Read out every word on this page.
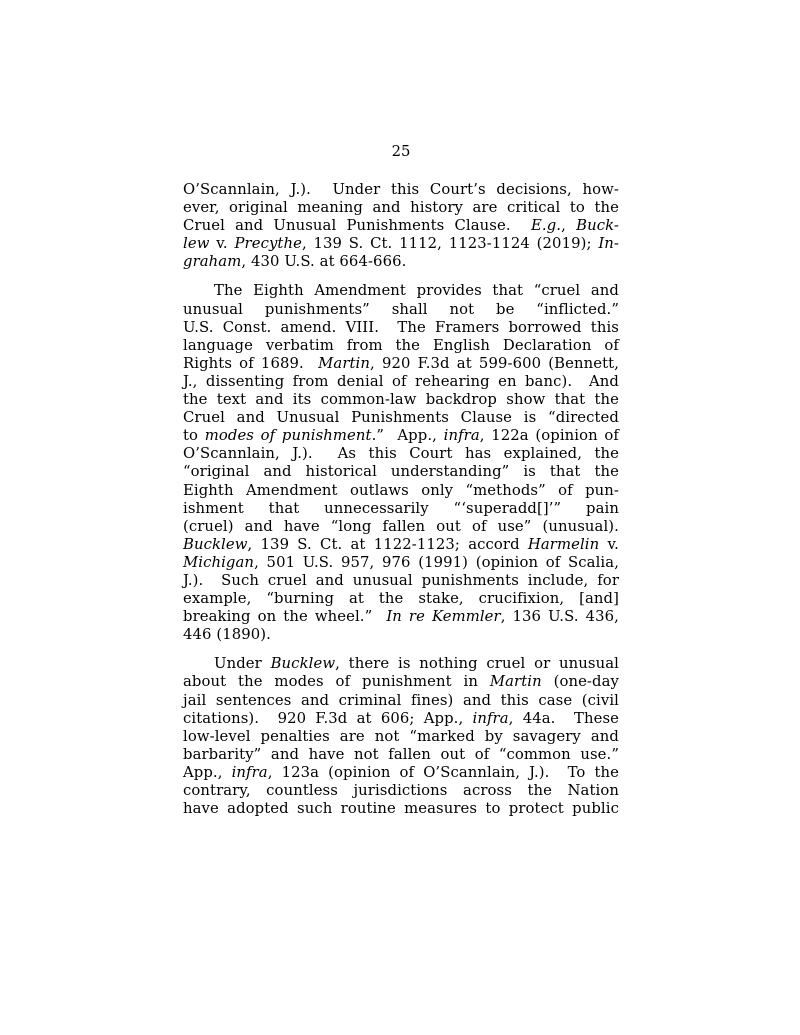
25
O’Scannlain, J.).  Under this Court’s decisions, how-
ever, original meaning and history are critical to the
Cruel and Unusual Punishments Clause.  E.g., Buck-
lew v. Precythe, 139 S. Ct. 1112, 1123-1124 (2019); In-
graham, 430 U.S. at 664-666.
The Eighth Amendment provides that “cruel and
unusual punishments” shall not be “inflicted.”
U.S. Const. amend. VIII.  The Framers borrowed this
language verbatim from the English Declaration of
Rights of 1689.  Martin, 920 F.3d at 599-600 (Bennett,
J., dissenting from denial of rehearing en banc).  And
the text and its common-law backdrop show that the
Cruel and Unusual Punishments Clause is “directed
to modes of punishment.”  App., infra, 122a (opinion of
O’Scannlain, J.).  As this Court has explained, the
“original and historical understanding” is that the
Eighth Amendment outlaws only “methods” of pun-
ishment that unnecessarily “‘superadd[]’” pain
(cruel) and have “long fallen out of use” (unusual).
Bucklew, 139 S. Ct. at 1122-1123; accord Harmelin v.
Michigan, 501 U.S. 957, 976 (1991) (opinion of Scalia,
J.).  Such cruel and unusual punishments include, for
example, “burning at the stake, crucifixion, [and]
breaking on the wheel.”  In re Kemmler, 136 U.S. 436,
446 (1890).
Under Bucklew, there is nothing cruel or unusual
about the modes of punishment in Martin (one-day
jail sentences and criminal fines) and this case (civil
citations).  920 F.3d at 606; App., infra, 44a.  These
low-level penalties are not “marked by savagery and
barbarity” and have not fallen out of “common use.”
App., infra, 123a (opinion of O’Scannlain, J.).  To the
contrary, countless jurisdictions across the Nation
have adopted such routine measures to protect public
